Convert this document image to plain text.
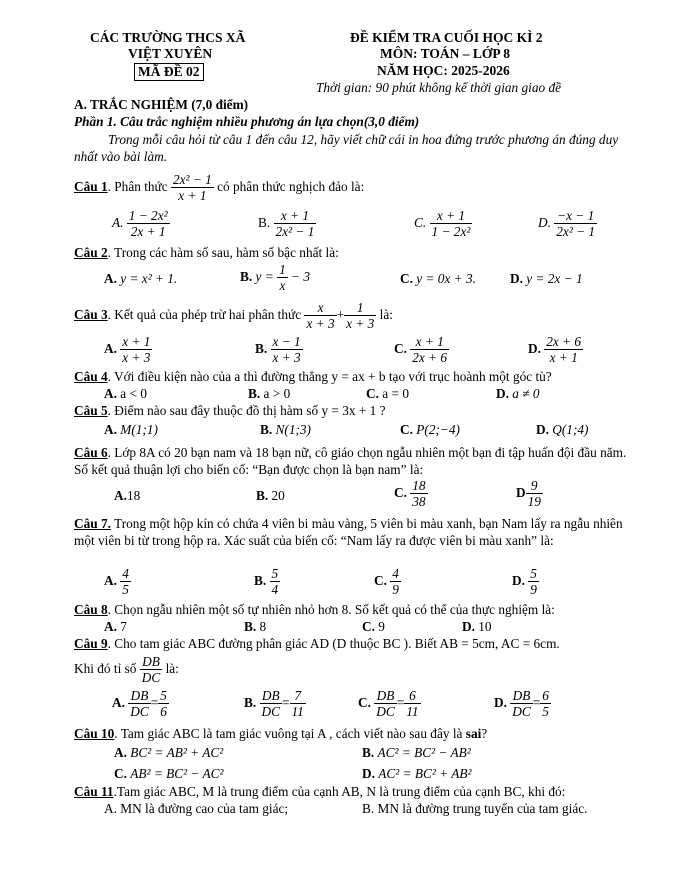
CÁC TRƯỜNG THCS XÃ
VIỆT XUYÊN
MÃ ĐỀ 02
ĐỀ KIỂM TRA CUỐI HỌC KÌ 2
MÔN: TOÁN – LỚP 8
NĂM HỌC: 2025-2026
Thời gian: 90 phút không kể thời gian giao đề
A. TRẮC NGHIỆM (7,0 điểm)
Phần 1. Câu trắc nghiệm nhiều phương án lựa chọn(3,0 điểm)
Trong mỗi câu hỏi từ câu 1 đến câu 12, hãy viết chữ cái in hoa đứng trước phương án đúng duy nhất vào bài làm.
Câu 1. Phân thức $\frac{\text{2x² − 1}}{x + 1}$ có phân thức nghịch đảo là:
A. $\frac{\text{1 − 2x²}}{2x + 1}$	B. $\frac{x + 1}{\text{2x² − 1}}$	C. $\frac{x + 1}{\text{1 − 2x²}}$	D. $\frac{-x - 1}{\text{2x² − 1}}$
Câu 2. Trong các hàm số sau, hàm số bậc nhất là:
A. y = x² + 1.	B. $y = \frac{1}{x} - 3$	C. y = 0x + 3.	D. y = 2x − 1
Câu 3. Kết quả của phép trừ hai phân thức $\frac{x}{x + 3} + \frac{1}{x + 3}$ là:
A. $\frac{x + 1}{x + 3}$	B. $\frac{x - 1}{x + 3}$	C. $\frac{x + 1}{2x + 6}$	D. $\frac{2x + 6}{x + 1}$
Câu 4. Với điều kiện nào của a thì đường thẳng y = ax + b tạo với trục hoành một góc tù?
A. a < 0	B. a > 0	C. a = 0	D. a ≠ 0
Câu 5. Điểm nào sau đây thuộc đồ thị hàm số y = 3x + 1 ?
A. M(1;1)	B. N(1;3)	C. P(2;−4)	D. Q(1;4)
Câu 6. Lớp 8A có 20 bạn nam và 18 bạn nữ, cô giáo chọn ngẫu nhiên một bạn đi tập huấn đội đầu năm. Số kết quả thuận lợi cho biến cố: “Bạn được chọn là bạn nam” là:
A.18	B. 20	C. $\frac{18}{38}$	D $\frac{9}{19}$
Câu 7. Trong một hộp kín có chứa 4 viên bi màu vàng, 5 viên bi màu xanh, bạn Nam lấy ra ngẫu nhiên một viên bi từ trong hộp ra. Xác suất của biến cố: “Nam lấy ra được viên bi màu xanh” là:
A. $\frac{4}{5}$	B. $\frac{5}{4}$	C. $\frac{4}{9}$	D. $\frac{5}{9}$
Câu 8. Chọn ngẫu nhiên một số tự nhiên nhỏ hơn 8. Số kết quả có thể của thực nghiệm là:
A. 7	B. 8	C. 9	D. 10
Câu 9. Cho tam giác ABC đường phân giác AD (D thuộc BC ). Biết AB = 5cm, AC = 6cm.
Khi đó tỉ số $\frac{DB}{DC}$ là:
A. $\frac{DB}{DC} = \frac{5}{6}$	B. $\frac{DB}{DC} = \frac{7}{11}$	C. $\frac{DB}{DC} = \frac{6}{11}$	D. $\frac{DB}{DC} = \frac{6}{5}$
Câu 10. Tam giác ABC là tam giác vuông tại A , cách viết nào sau đây là sai?
A. BC² = AB² + AC²	B. AC² = BC² − AB²
C. AB² = BC² − AC²	D. AC² = BC² + AB²
Câu 11.Tam giác ABC, M là trung điểm của cạnh AB, N là trung điểm của cạnh BC, khi đó:
A. MN là đường cao của tam giác;	B. MN là đường trung tuyến của tam giác.
